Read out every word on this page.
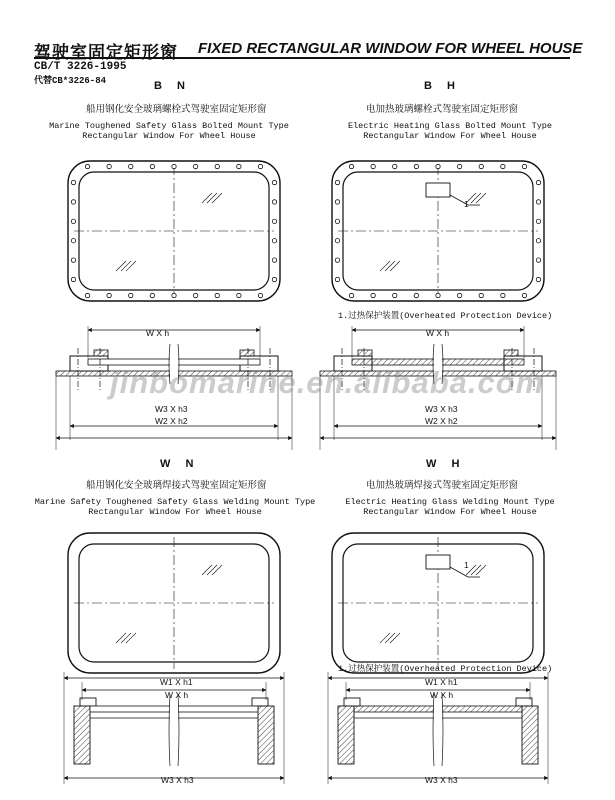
驾驶室固定矩形窗 FIXED RECTANGULAR WINDOW FOR WHEEL HOUSE
CB/T 3226-1995
代替CB*3226-84	B N
船用钢化安全玻璃螺栓式驾驶室固定矩形窗
Marine Toughened Safety Glass Bolted Mount Type
Rectangular Window For Wheel House
B H
电加热玻璃螺栓式驾驶室固定矩形窗
Electric Heating Glass Bolted Mount Type
Rectangular Window For Wheel House
1.过热保护装置(Overheated Protection Device)
1
W N
船用钢化安全玻璃焊接式驾驶室固定矩形窗
Marine Safety Toughened Safety Glass Welding Mount Type
Rectangular Window For Wheel House
W H
电加热玻璃焊接式驾驶室固定矩形窗
Electric Heating Glass Welding Mount Type
Rectangular Window For Wheel House
1.过热保护装置(Overheated Protection Device)
1
W X h
W3 X h3
W2 X h2
W X h
W3 X h3
W2 X h2
W1 X h1
W X h
W3 X h3
W1 X h1
W X h
W3 X h3
jinbomarine.en.alibaba.com
